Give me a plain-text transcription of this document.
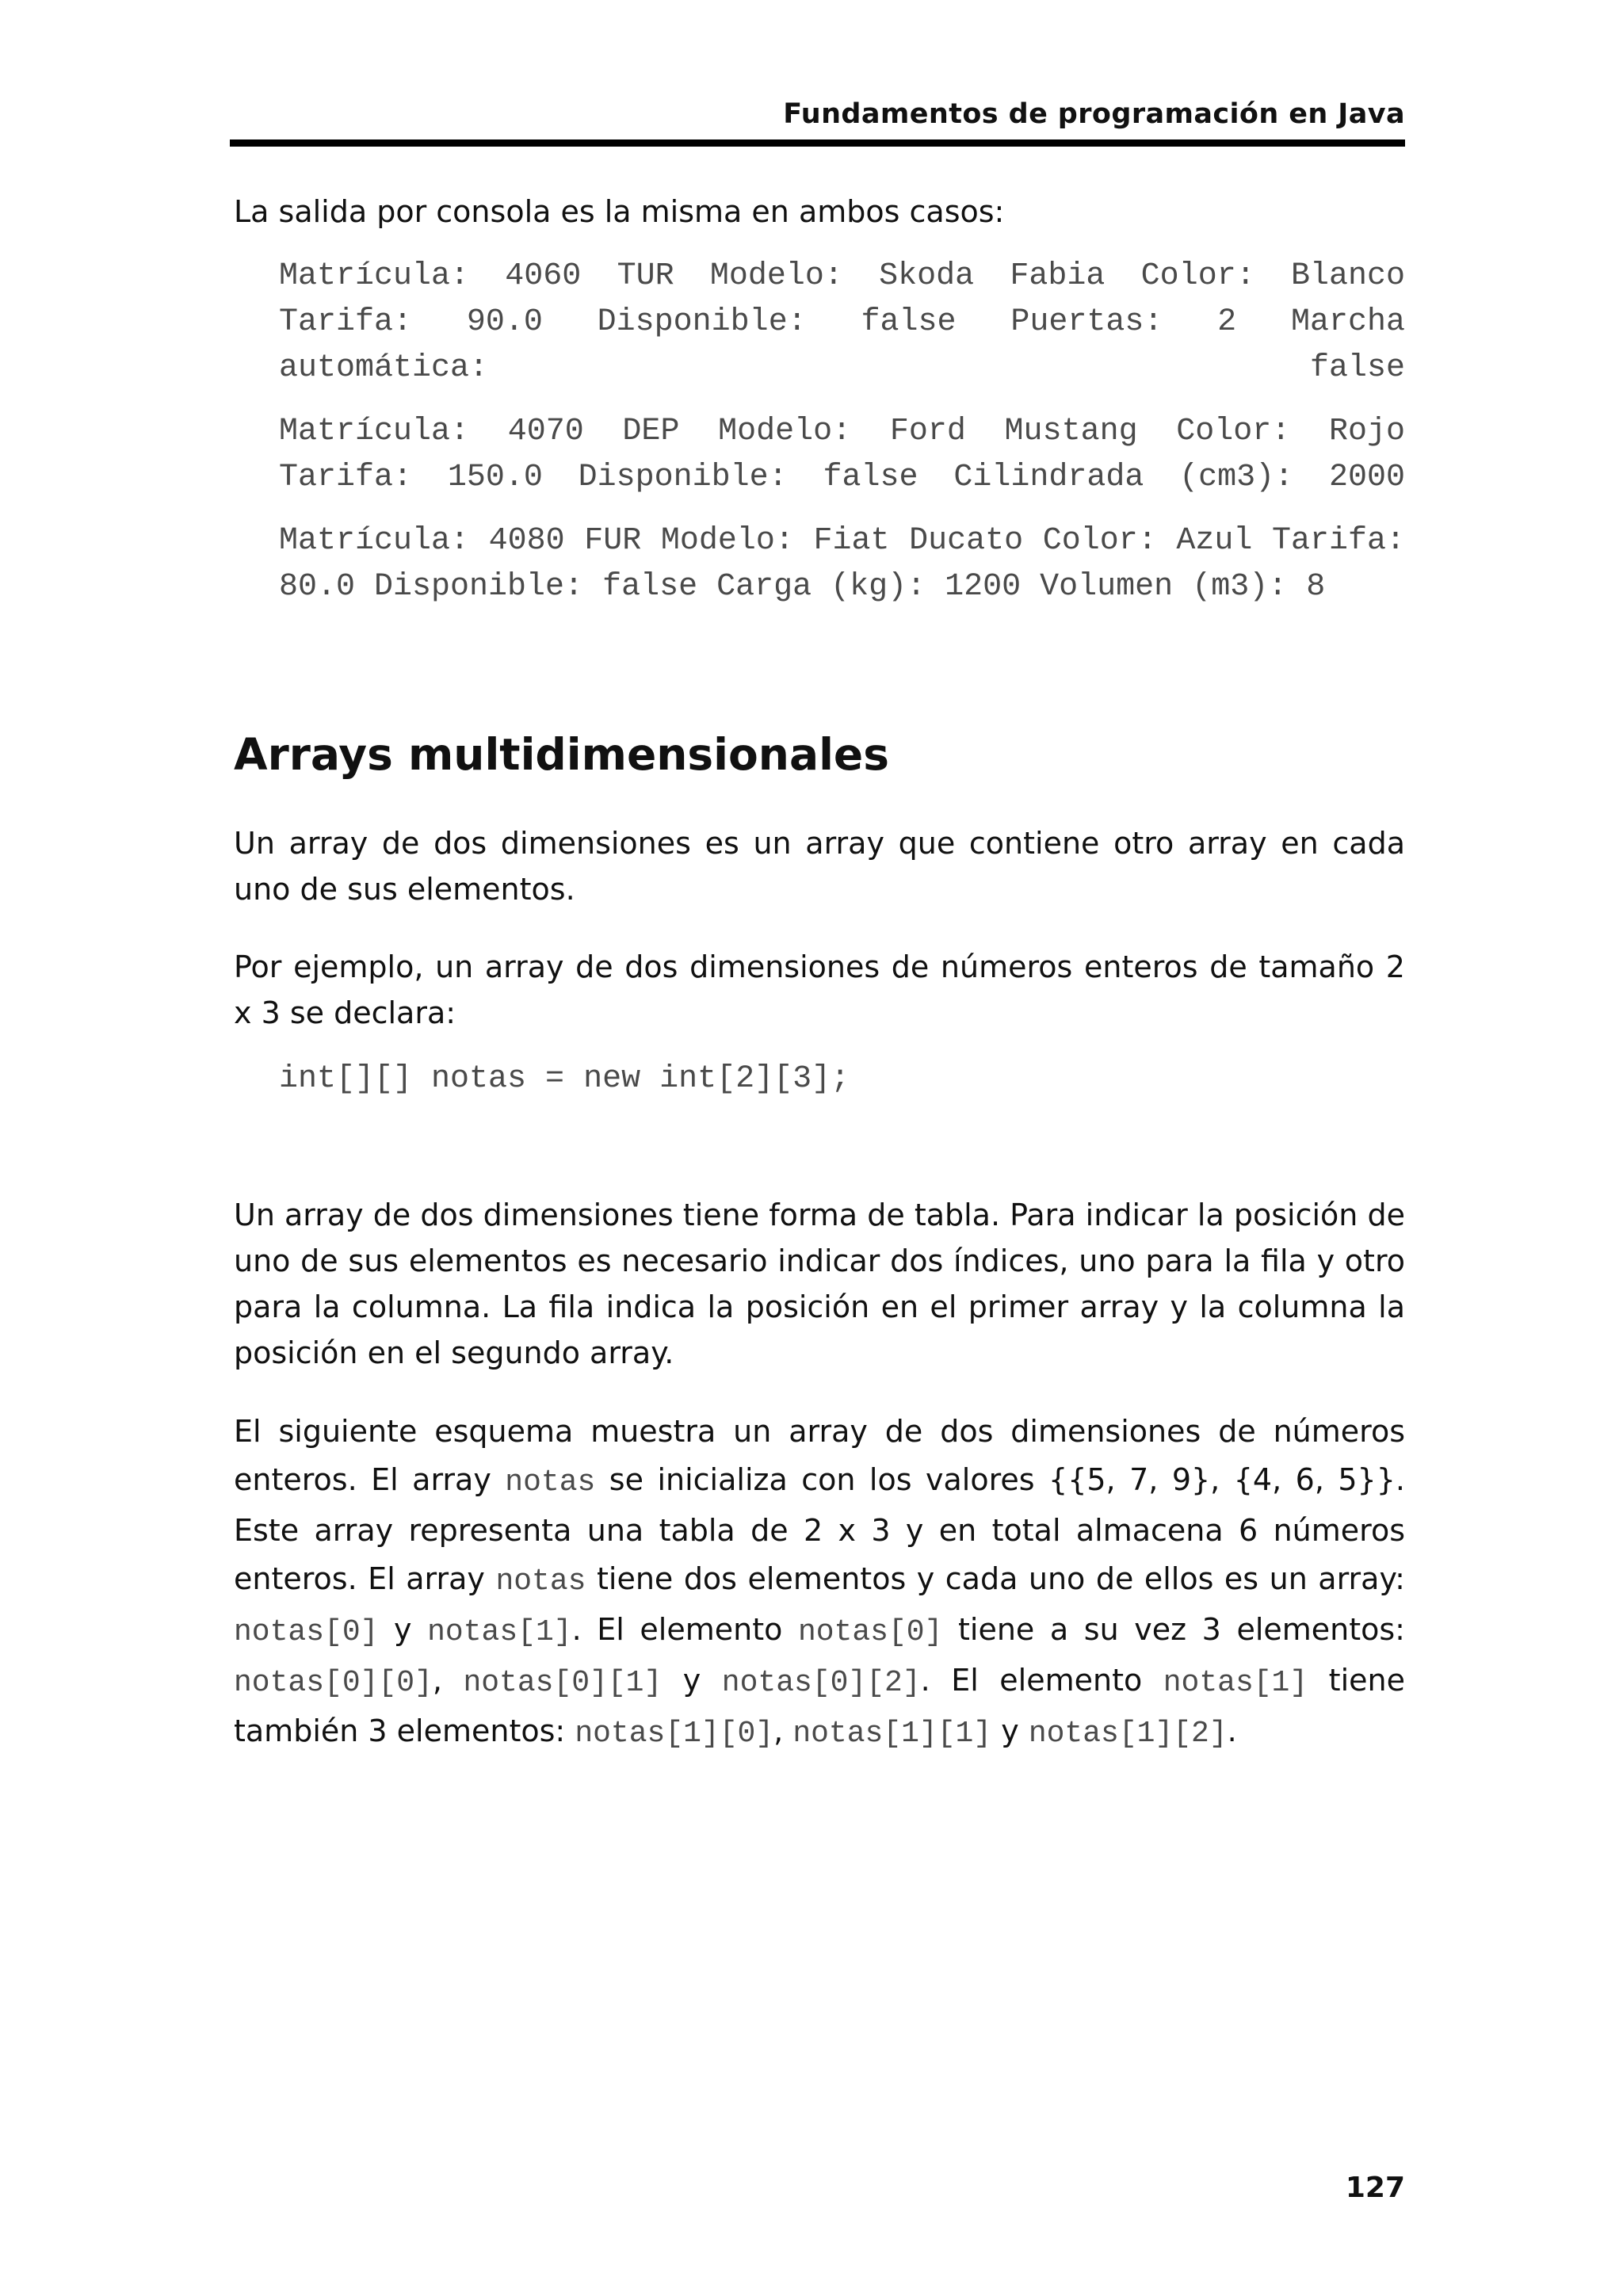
Fundamentos de programación en Java

La salida por consola es la misma en ambos casos:

Matrícula: 4060 TUR Modelo: Skoda Fabia Color: Blanco Tarifa: 90.0 Disponible: false Puertas: 2 Marcha automática: false

Matrícula: 4070 DEP Modelo: Ford Mustang Color: Rojo Tarifa: 150.0 Disponible: false Cilindrada (cm3): 2000

Matrícula: 4080 FUR Modelo: Fiat Ducato Color: Azul Tarifa: 80.0 Disponible: false Carga (kg): 1200 Volumen (m3): 8

Arrays multidimensionales

Un array de dos dimensiones es un array que contiene otro array en cada uno de sus elementos.

Por ejemplo, un array de dos dimensiones de números enteros de tamaño 2 x 3 se declara:

int[][] notas = new int[2][3];

Un array de dos dimensiones tiene forma de tabla. Para indicar la posición de uno de sus elementos es necesario indicar dos índices, uno para la fila y otro para la columna. La fila indica la posición en el primer array y la columna la posición en el segundo array.

El siguiente esquema muestra un array de dos dimensiones de números enteros. El array notas se inicializa con los valores {{5, 7, 9}, {4, 6, 5}}. Este array representa una tabla de 2 x 3 y en total almacena 6 números enteros. El array notas tiene dos elementos y cada uno de ellos es un array: notas[0] y notas[1]. El elemento notas[0] tiene a su vez 3 elementos: notas[0][0], notas[0][1] y notas[0][2]. El elemento notas[1] tiene también 3 elementos: notas[1][0], notas[1][1] y notas[1][2].

127
